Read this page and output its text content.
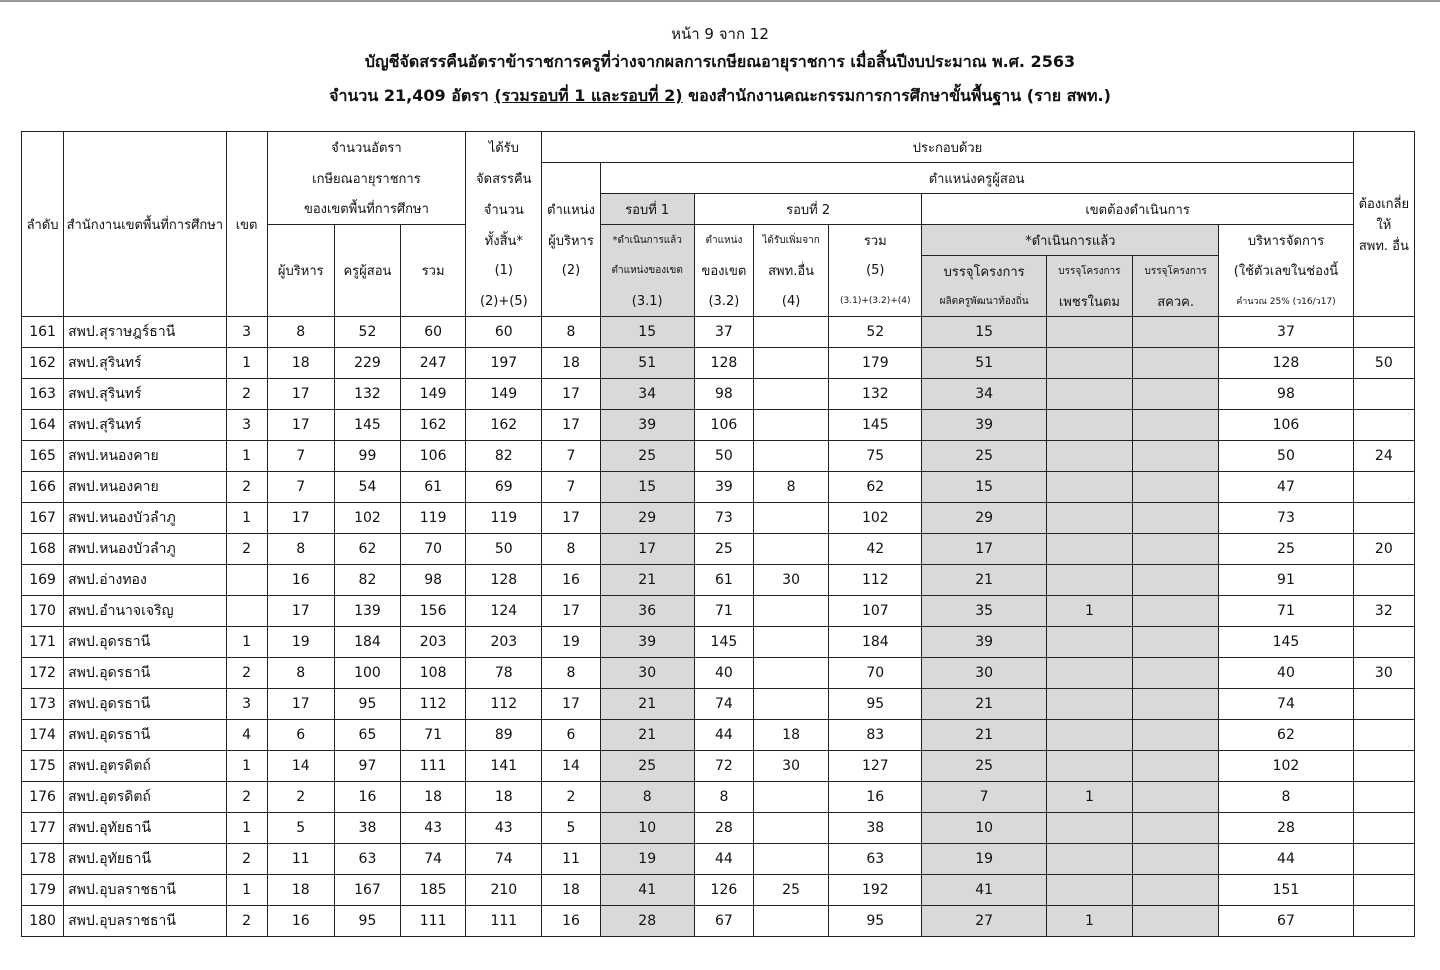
หน้า 9 จาก 12
บัญชีจัดสรรคืนอัตราข้าราชการครูที่ว่างจากผลการเกษียณอายุราชการ เมื่อสิ้นปีงบประมาณ พ.ศ. 2563
จำนวน 21,409 อัตรา (รวมรอบที่ 1 และรอบที่ 2) ของสำนักงานคณะกรรมการการศึกษาขั้นพื้นฐาน (ราย สพท.)
ลำดับ	สำนักงานเขตพื้นที่การศึกษา	เขต	จำนวนอัตรา			ได้รับ	ประกอบด้วย									ต้องเกลี่ย
ให้
สพท. อื่น

			เกษียณอายุราชการ			จัดสรรคืน		ตำแหน่งครูผู้สอน								
			ของเขตพื้นที่การศึกษา			จำนวน	ตำแหน่ง	รอบที่ 1	รอบที่ 2			เขตต้องดำเนินการ				
			ผู้บริหาร	ครูผู้สอน	รวม	ทั้งสิ้น*	ผู้บริหาร	*ดำเนินการแล้ว	ตำแหน่ง	ได้รับเพิ่มจาก	รวม	*ดำเนินการแล้ว			บริหารจัดการ	
						(1)	(2)	ตำแหน่งของเขต	ของเขต	สพท.อื่น	(5)	บรรจุโครงการ	บรรจุโครงการ	บรรจุโครงการ	(ใช้ตัวเลขในช่องนี้	
						(2)+(5)		(3.1)	(3.2)	(4)	(3.1)+(3.2)+(4)	ผลิตครูพัฒนาท้องถิ่น	เพชรในตม	สควค.	คำนวณ 25% (ว16/ว17)	
161	สพป.สุราษฎร์ธานี	3	8	52	60	60	8	15	37		52	15			37	
162	สพป.สุรินทร์	1	18	229	247	197	18	51	128		179	51			128	50
163	สพป.สุรินทร์	2	17	132	149	149	17	34	98		132	34			98	
164	สพป.สุรินทร์	3	17	145	162	162	17	39	106		145	39			106	
165	สพป.หนองคาย	1	7	99	106	82	7	25	50		75	25			50	24
166	สพป.หนองคาย	2	7	54	61	69	7	15	39	8	62	15			47	
167	สพป.หนองบัวลำภู	1	17	102	119	119	17	29	73		102	29			73	
168	สพป.หนองบัวลำภู	2	8	62	70	50	8	17	25		42	17			25	20
169	สพป.อ่างทอง		16	82	98	128	16	21	61	30	112	21			91	
170	สพป.อำนาจเจริญ		17	139	156	124	17	36	71		107	35	1		71	32
171	สพป.อุดรธานี	1	19	184	203	203	19	39	145		184	39			145	
172	สพป.อุดรธานี	2	8	100	108	78	8	30	40		70	30			40	30
173	สพป.อุดรธานี	3	17	95	112	112	17	21	74		95	21			74	
174	สพป.อุดรธานี	4	6	65	71	89	6	21	44	18	83	21			62	
175	สพป.อุตรดิตถ์	1	14	97	111	141	14	25	72	30	127	25			102	
176	สพป.อุตรดิตถ์	2	2	16	18	18	2	8	8		16	7	1		8	
177	สพป.อุทัยธานี	1	5	38	43	43	5	10	28		38	10			28	
178	สพป.อุทัยธานี	2	11	63	74	74	11	19	44		63	19			44	
179	สพป.อุบลราชธานี	1	18	167	185	210	18	41	126	25	192	41			151	
180	สพป.อุบลราชธานี	2	16	95	111	111	16	28	67		95	27	1		67	
